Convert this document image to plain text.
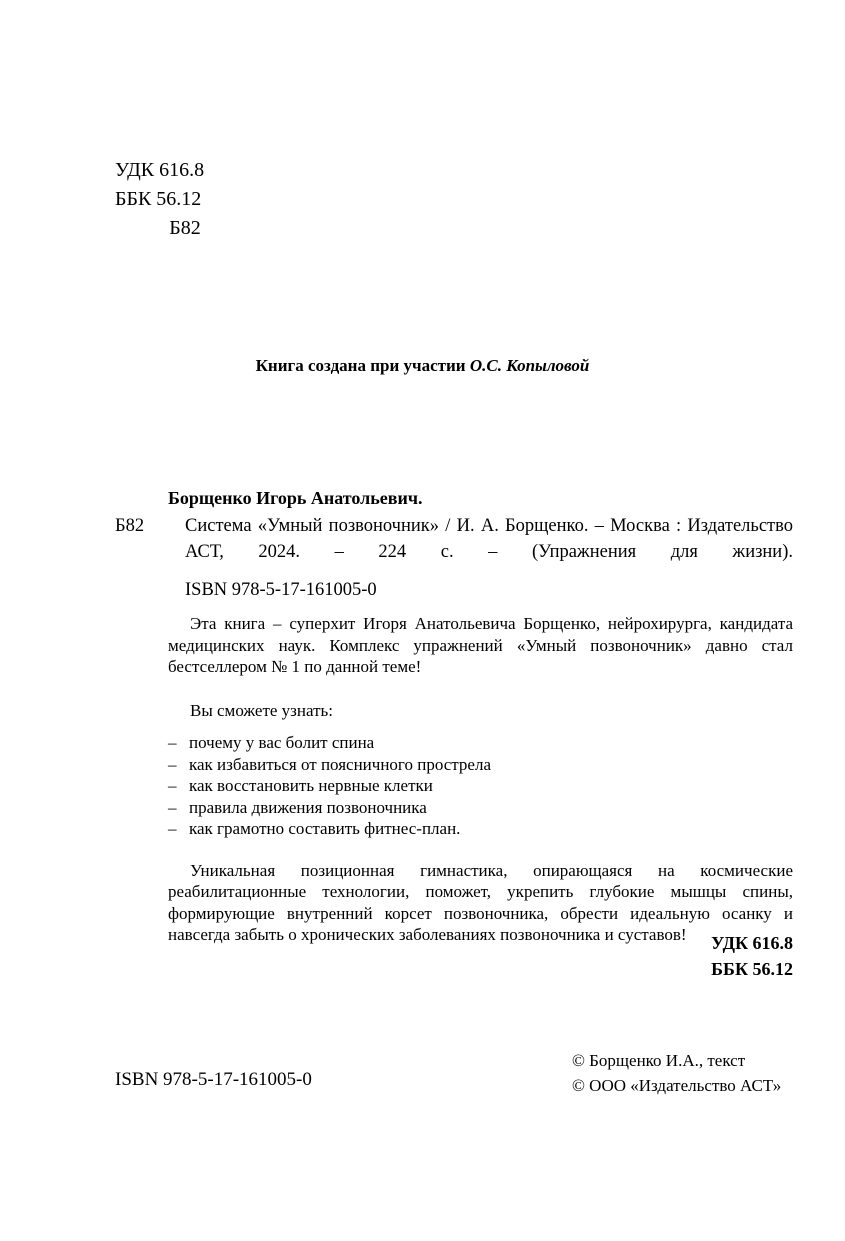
УДК 616.8
ББК 56.12
Б82
Книга создана при участии О.С. Копыловой
Борщенко Игорь Анатольевич.
Б82 Система «Умный позвоночник» / И. А. Борщенко. – Москва : Издательство АСТ, 2024. – 224 с. – (Упражнения для жизни).
ISBN 978-5-17-161005-0

Эта книга – суперхит Игоря Анатольевича Борщенко, нейрохирурга, кандидата медицинских наук. Комплекс упражнений «Умный позвоночник» давно стал бестселлером № 1 по данной теме!

Вы сможете узнать:

– почему у вас болит спина
– как избавиться от поясничного прострела
– как восстановить нервные клетки
– правила движения позвоночника
– как грамотно составить фитнес-план.

Уникальная позиционная гимнастика, опирающаяся на космические реабилитационные технологии, поможет, укрепить глубокие мышцы спины, формирующие внутренний корсет позвоночника, обрести идеальную осанку и навсегда забыть о хронических заболеваниях позвоночника и суставов!	УДК 616.8
ББК 56.12
ISBN 978-5-17-161005-0
© Борщенко И.А., текст
© ООО «Издательство АСТ»
